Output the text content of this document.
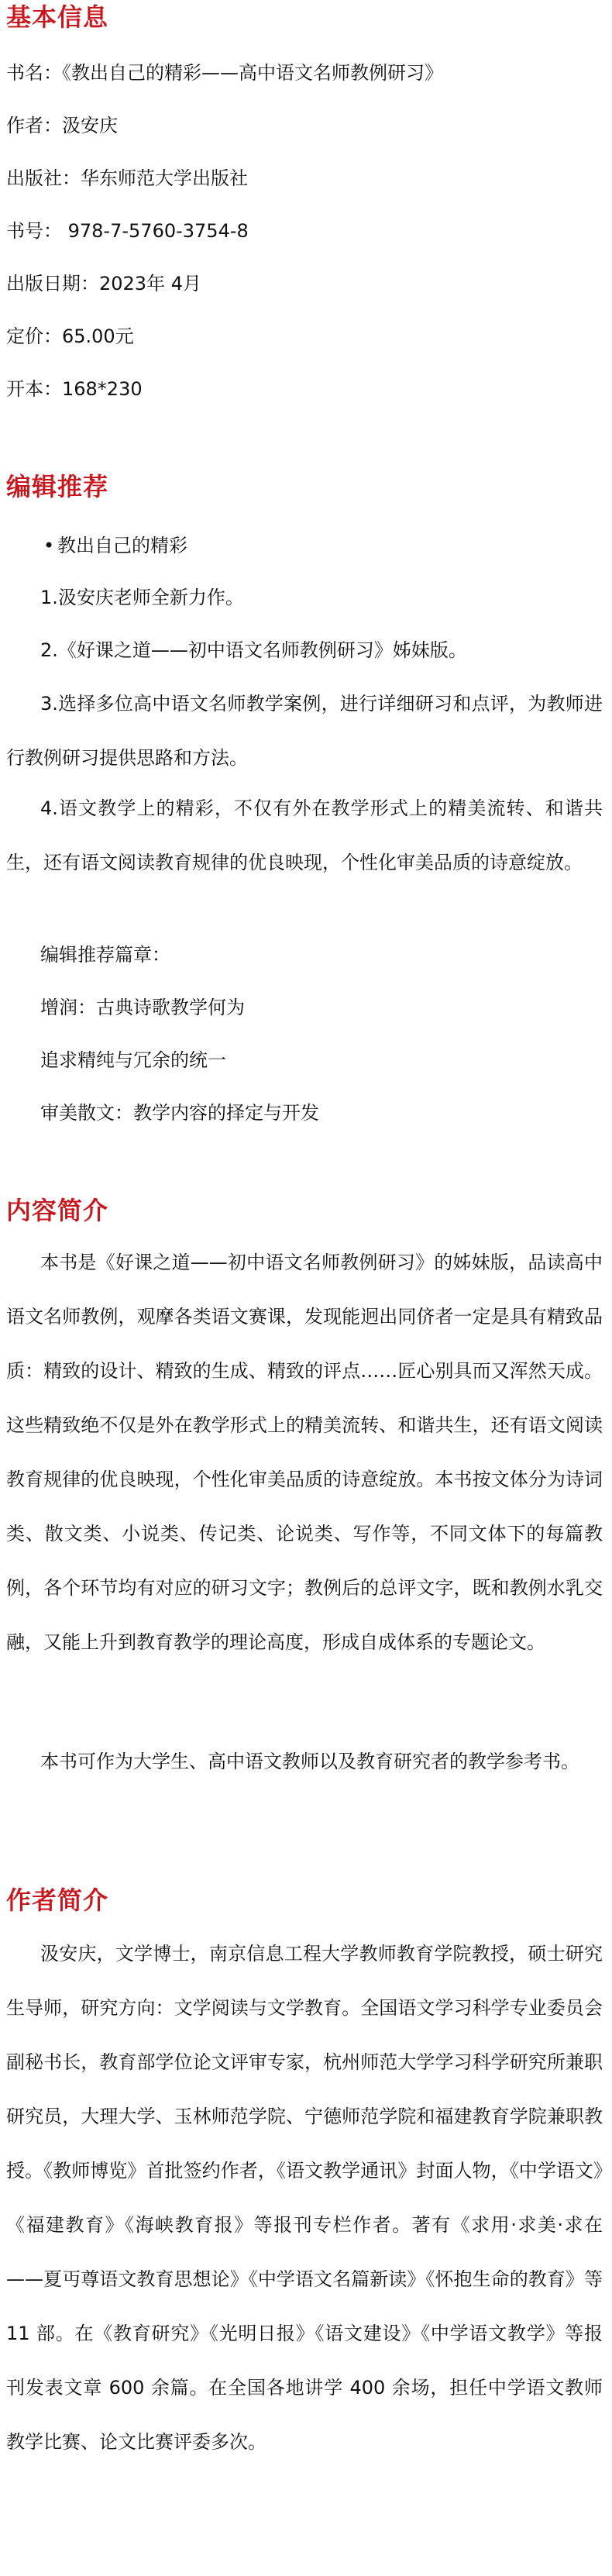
基本信息

书名：《教出自己的精彩——高中语文名师教例研习》

作者：汲安庆

出版社：华东师范大学出版社

书号： 978-7-5760-3754-8

出版日期：2023年 4月

定价：65.00元

开本：168*230

编辑推荐

• 教出自己的精彩

1.汲安庆老师全新力作。

2.《好课之道——初中语文名师教例研习》姊妹版。

3.选择多位高中语文名师教学案例，进行详细研习和点评，为教师进行教例研习提供思路和方法。

4.语文教学上的精彩，不仅有外在教学形式上的精美流转、和谐共生，还有语文阅读教育规律的优良映现，个性化审美品质的诗意绽放。

编辑推荐篇章：

增润：古典诗歌教学何为

追求精纯与冗余的统一

审美散文：教学内容的择定与开发

内容简介

本书是《好课之道——初中语文名师教例研习》的姊妹版，品读高中语文名师教例，观摩各类语文赛课，发现能迥出同侪者一定是具有精致品质：精致的设计、精致的生成、精致的评点……匠心别具而又浑然天成。这些精致绝不仅是外在教学形式上的精美流转、和谐共生，还有语文阅读教育规律的优良映现，个性化审美品质的诗意绽放。本书按文体分为诗词类、散文类、小说类、传记类、论说类、写作等，不同文体下的每篇教例，各个环节均有对应的研习文字；教例后的总评文字，既和教例水乳交融，又能上升到教育教学的理论高度，形成自成体系的专题论文。

本书可作为大学生、高中语文教师以及教育研究者的教学参考书。

作者简介

汲安庆，文学博士，南京信息工程大学教师教育学院教授，硕士研究生导师，研究方向：文学阅读与文学教育。全国语文学习科学专业委员会副秘书长，教育部学位论文评审专家，杭州师范大学学习科学研究所兼职研究员，大理大学、玉林师范学院、宁德师范学院和福建教育学院兼职教授。《教师博览》首批签约作者，《语文教学通讯》封面人物，《中学语文》《福建教育》《海峡教育报》等报刊专栏作者。著有《求用·求美·求在——夏丏尊语文教育思想论》《中学语文名篇新读》《怀抱生命的教育》等 11 部。在《教育研究》《光明日报》《语文建设》《中学语文教学》等报刊发表文章 600 余篇。在全国各地讲学 400 余场，担任中学语文教师教学比赛、论文比赛评委多次。
